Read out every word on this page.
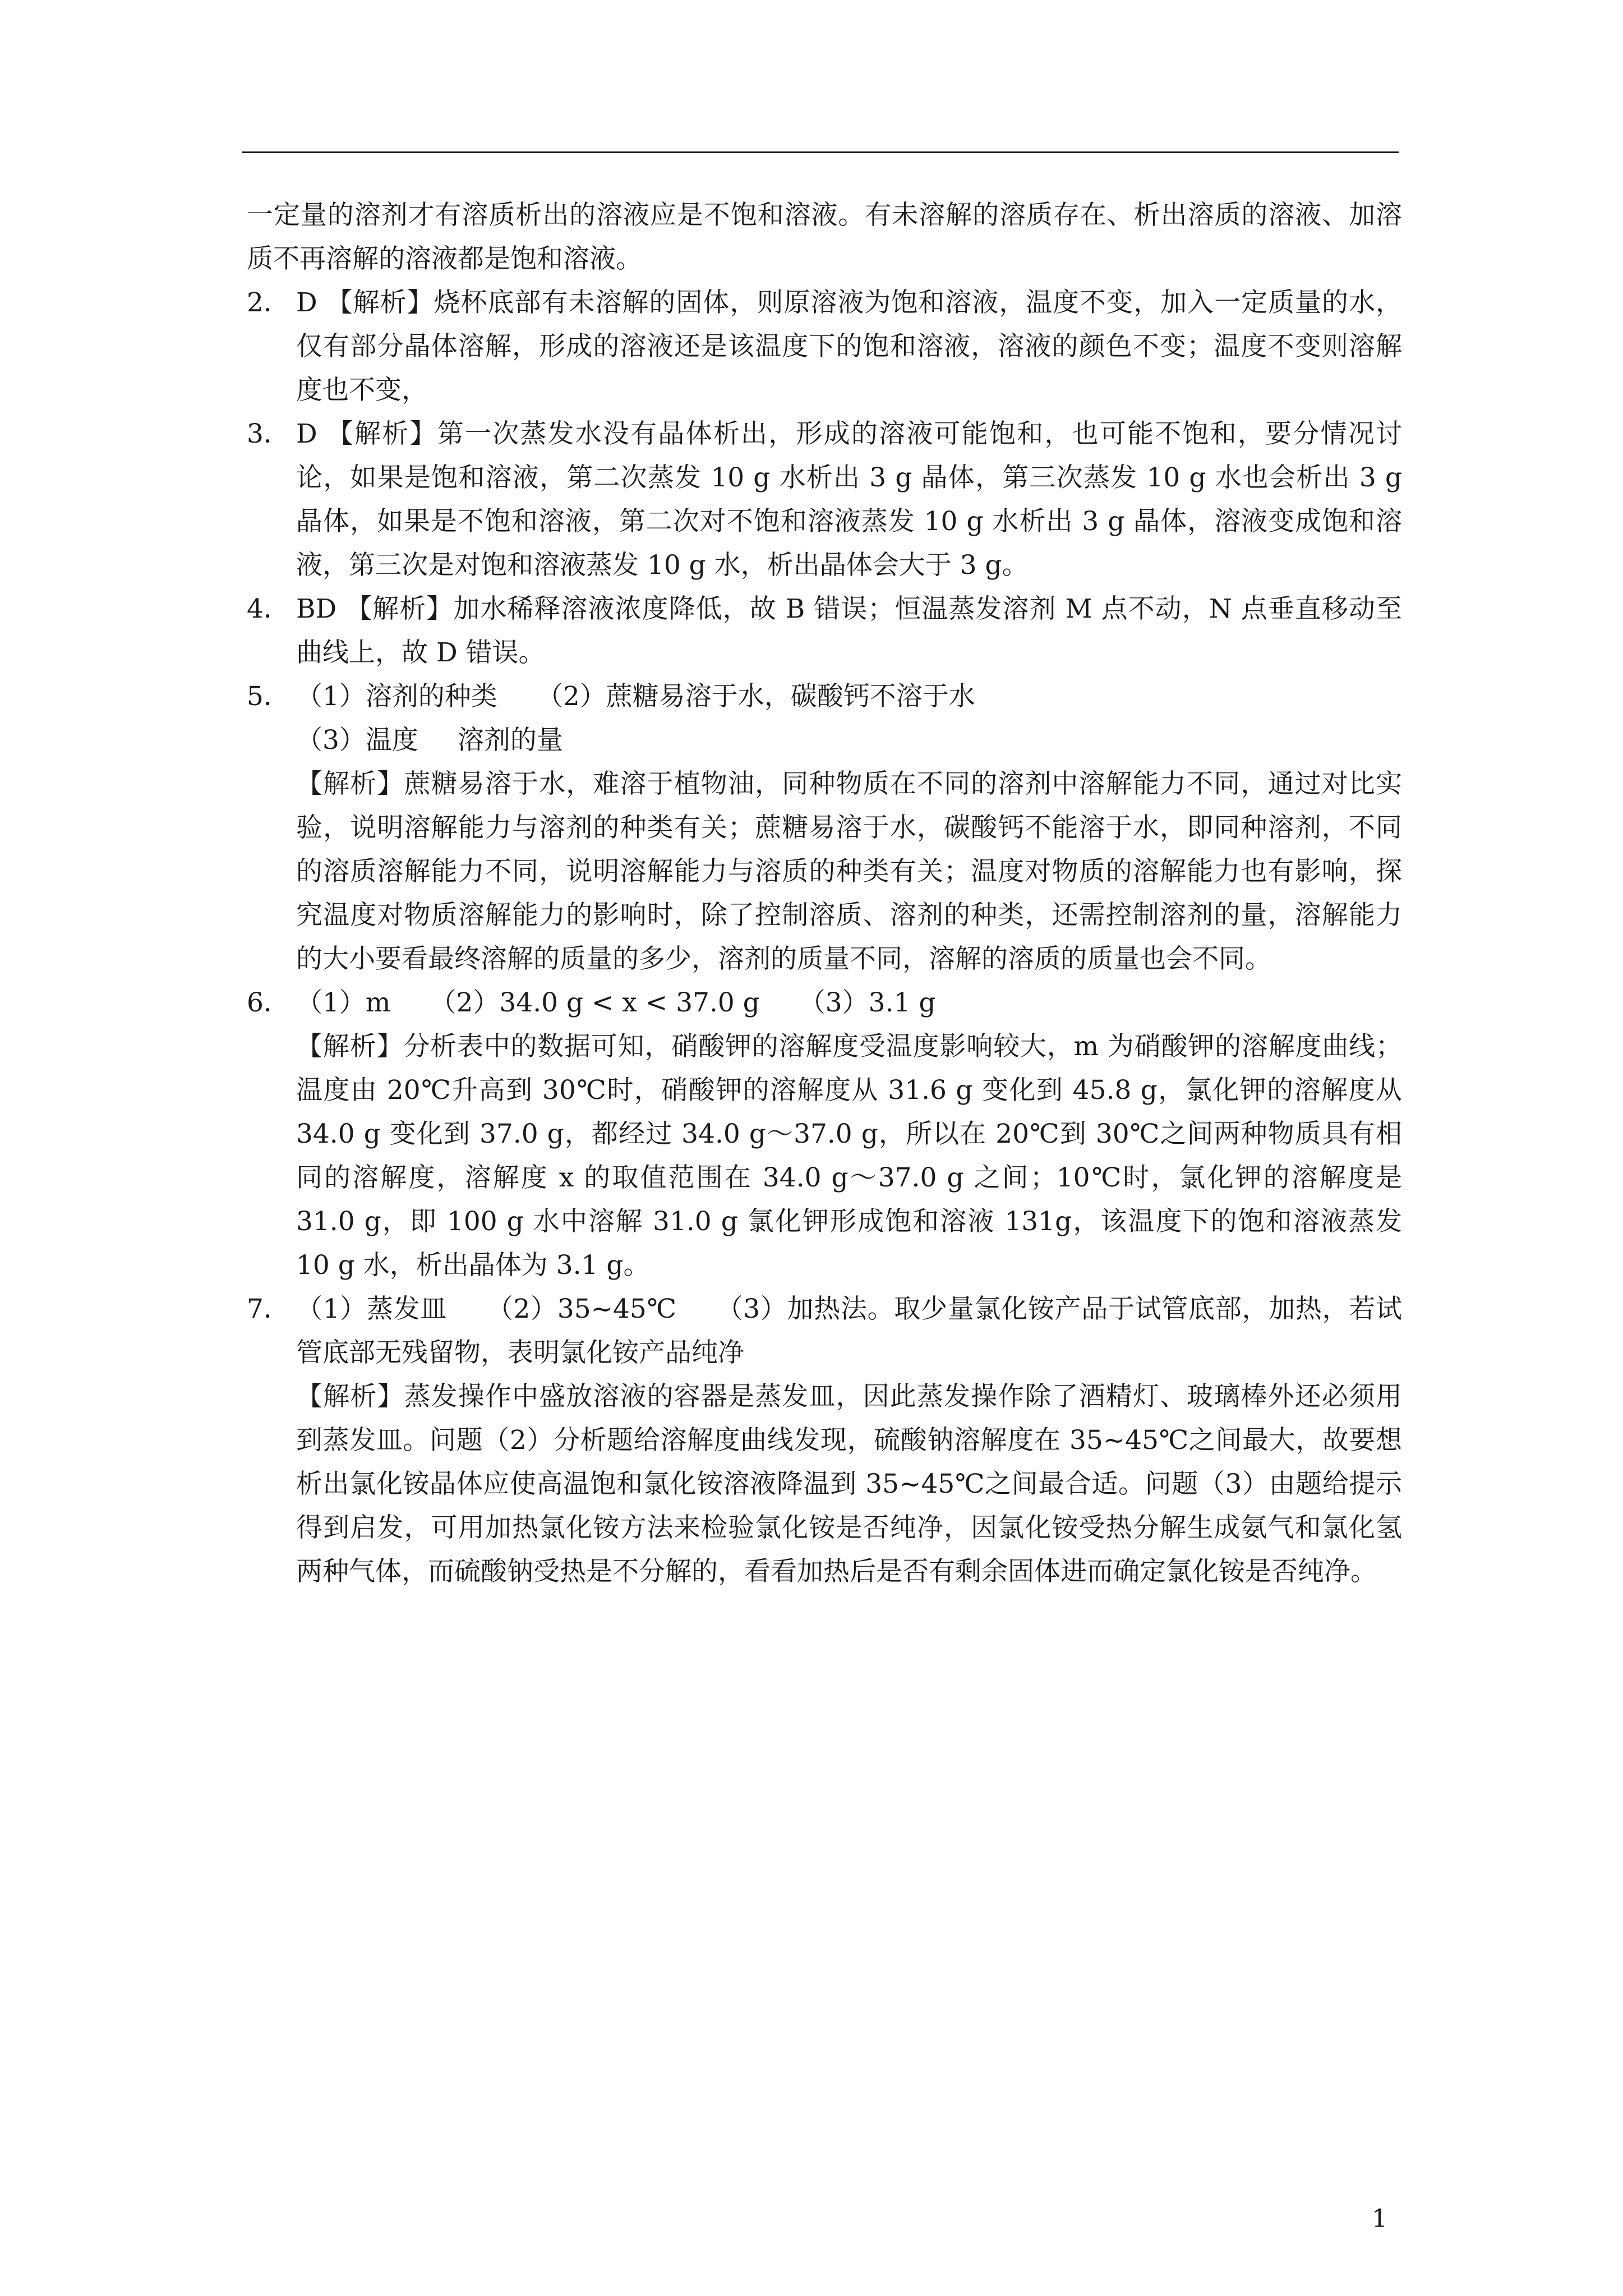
一定量的溶剂才有溶质析出的溶液应是不饱和溶液。有未溶解的溶质存在、析出溶质的溶液、加溶质不再溶解的溶液都是饱和溶液。

2． D 【解析】烧杯底部有未溶解的固体，则原溶液为饱和溶液，温度不变，加入一定质量的水，仅有部分晶体溶解，形成的溶液还是该温度下的饱和溶液，溶液的颜色不变；温度不变则溶解度也不变，
3． D 【解析】第一次蒸发水没有晶体析出，形成的溶液可能饱和，也可能不饱和，要分情况讨论，如果是饱和溶液，第二次蒸发 10 g 水析出 3 g 晶体，第三次蒸发 10 g 水也会析出 3 g 晶体，如果是不饱和溶液，第二次对不饱和溶液蒸发 10 g 水析出 3 g 晶体，溶液变成饱和溶液，第三次是对饱和溶液蒸发 10 g 水，析出晶体会大于 3 g。
4． BD 【解析】加水稀释溶液浓度降低，故 B 错误；恒温蒸发溶剂 M 点不动，N 点垂直移动至曲线上，故 D 错误。
5． （1）溶剂的种类 （2）蔗糖易溶于水，碳酸钙不溶于水
（3）温度 溶剂的量
【解析】蔗糖易溶于水，难溶于植物油，同种物质在不同的溶剂中溶解能力不同，通过对比实验，说明溶解能力与溶剂的种类有关；蔗糖易溶于水，碳酸钙不能溶于水，即同种溶剂，不同的溶质溶解能力不同，说明溶解能力与溶质的种类有关；温度对物质的溶解能力也有影响，探究温度对物质溶解能力的影响时，除了控制溶质、溶剂的种类，还需控制溶剂的量，溶解能力的大小要看最终溶解的质量的多少，溶剂的质量不同，溶解的溶质的质量也会不同。
6． （1）m （2）34.0 g < x < 37.0 g （3）3.1 g
【解析】分析表中的数据可知，硝酸钾的溶解度受温度影响较大，m 为硝酸钾的溶解度曲线；温度由 20℃升高到 30℃时，硝酸钾的溶解度从 31.6 g 变化到 45.8 g，氯化钾的溶解度从 34.0 g 变化到 37.0 g，都经过 34.0 g～37.0 g，所以在 20℃到 30℃之间两种物质具有相同的溶解度，溶解度 x 的取值范围在 34.0 g～37.0 g 之间；10℃时，氯化钾的溶解度是 31.0 g，即 100 g 水中溶解 31.0 g 氯化钾形成饱和溶液 131g，该温度下的饱和溶液蒸发 10 g 水，析出晶体为 3.1 g。
7． （1）蒸发皿 （2）35~45℃ （3）加热法。取少量氯化铵产品于试管底部，加热，若试管底部无残留物，表明氯化铵产品纯净
【解析】蒸发操作中盛放溶液的容器是蒸发皿，因此蒸发操作除了酒精灯、玻璃棒外还必须用到蒸发皿。问题（2）分析题给溶解度曲线发现，硫酸钠溶解度在 35~45℃之间最大，故要想析出氯化铵晶体应使高温饱和氯化铵溶液降温到 35~45℃之间最合适。问题（3）由题给提示得到启发，可用加热氯化铵方法来检验氯化铵是否纯净，因氯化铵受热分解生成氨气和氯化氢两种气体，而硫酸钠受热是不分解的，看看加热后是否有剩余固体进而确定氯化铵是否纯净。
1
